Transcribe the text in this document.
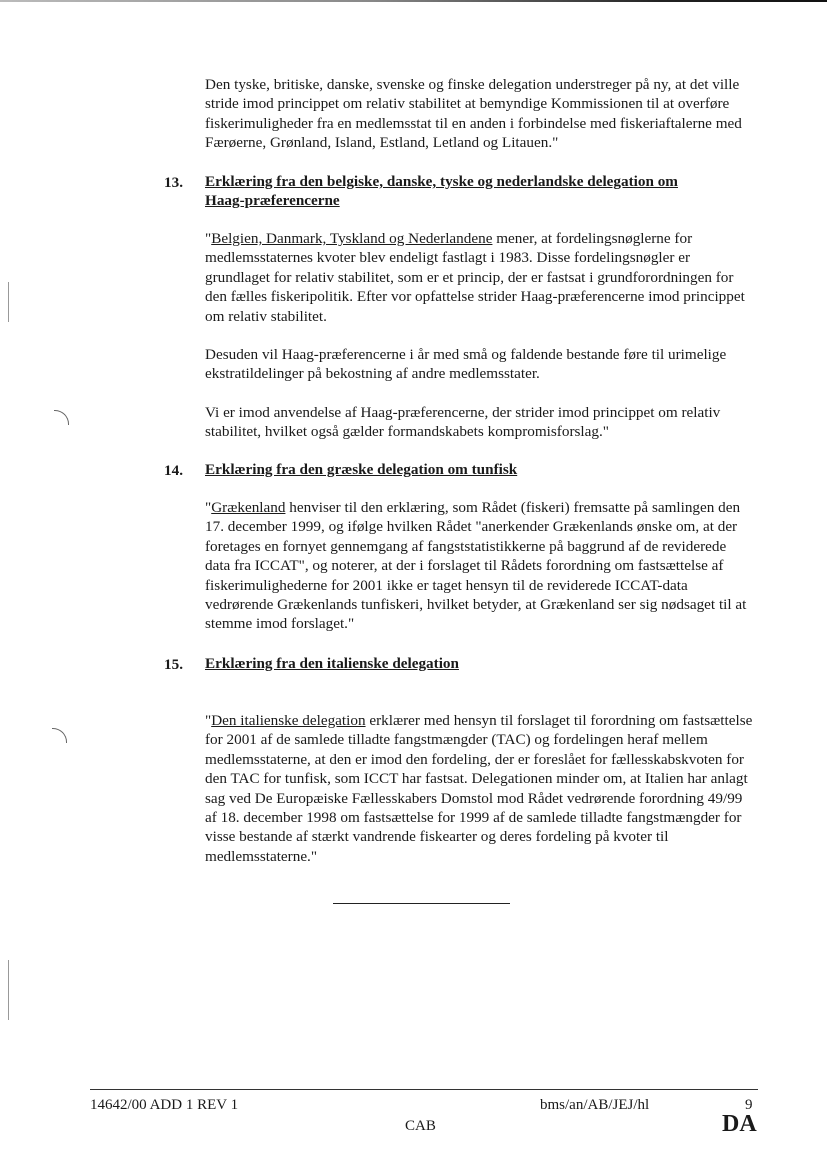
Den tyske, britiske, danske, svenske og finske delegation understreger på ny, at det ville stride imod princippet om relativ stabilitet at bemyndige Kommissionen til at overføre fiskerimuligheder fra en medlemsstat til en anden i forbindelse med fiskeriaftalerne med Færøerne, Grønland, Island, Estland, Letland og Litauen."

13. Erklæring fra den belgiske, danske, tyske og nederlandske delegation om
Haag-præferencerne

"Belgien, Danmark, Tyskland og Nederlandene mener, at fordelingsnøglerne for medlemsstaternes kvoter blev endeligt fastlagt i 1983. Disse fordelingsnøgler er grundlaget for relativ stabilitet, som er et princip, der er fastsat i grundforordningen for den fælles fiskeripolitik. Efter vor opfattelse strider Haag-præferencerne imod princippet om relativ stabilitet.

Desuden vil Haag-præferencerne i år med små og faldende bestande føre til urimelige ekstratildelinger på bekostning af andre medlemsstater.

Vi er imod anvendelse af Haag-præferencerne, der strider imod princippet om relativ stabilitet, hvilket også gælder formandskabets kompromisforslag."

14. Erklæring fra den græske delegation om tunfisk

"Grækenland henviser til den erklæring, som Rådet (fiskeri) fremsatte på samlingen den 17. december 1999, og ifølge hvilken Rådet "anerkender Grækenlands ønske om, at der foretages en fornyet gennemgang af fangststatistikkerne på baggrund af de reviderede data fra ICCAT", og noterer, at der i forslaget til Rådets forordning om fastsættelse af fiskerimulighederne for 2001 ikke er taget hensyn til de reviderede ICCAT-data vedrørende Grækenlands tunfiskeri, hvilket betyder, at Grækenland ser sig nødsaget til at stemme imod forslaget."

15. Erklæring fra den italienske delegation

"Den italienske delegation erklærer med hensyn til forslaget til forordning om fastsættelse for 2001 af de samlede tilladte fangstmængder (TAC) og fordelingen heraf mellem medlemsstaterne, at den er imod den fordeling, der er foreslået for fællesskabskvoten for den TAC for tunfisk, som ICCT har fastsat. Delegationen minder om, at Italien har anlagt sag ved De Europæiske Fællesskabers Domstol mod Rådet vedrørende forordning 49/99 af 18. december 1998 om fastsættelse for 1999 af de samlede tilladte fangstmængder for visse bestande af stærkt vandrende fiskearter og deres fordeling på kvoter til medlemsstaterne."

14642/00 ADD 1 REV 1	bms/an/AB/JEJ/hl	9
CAB	DA
